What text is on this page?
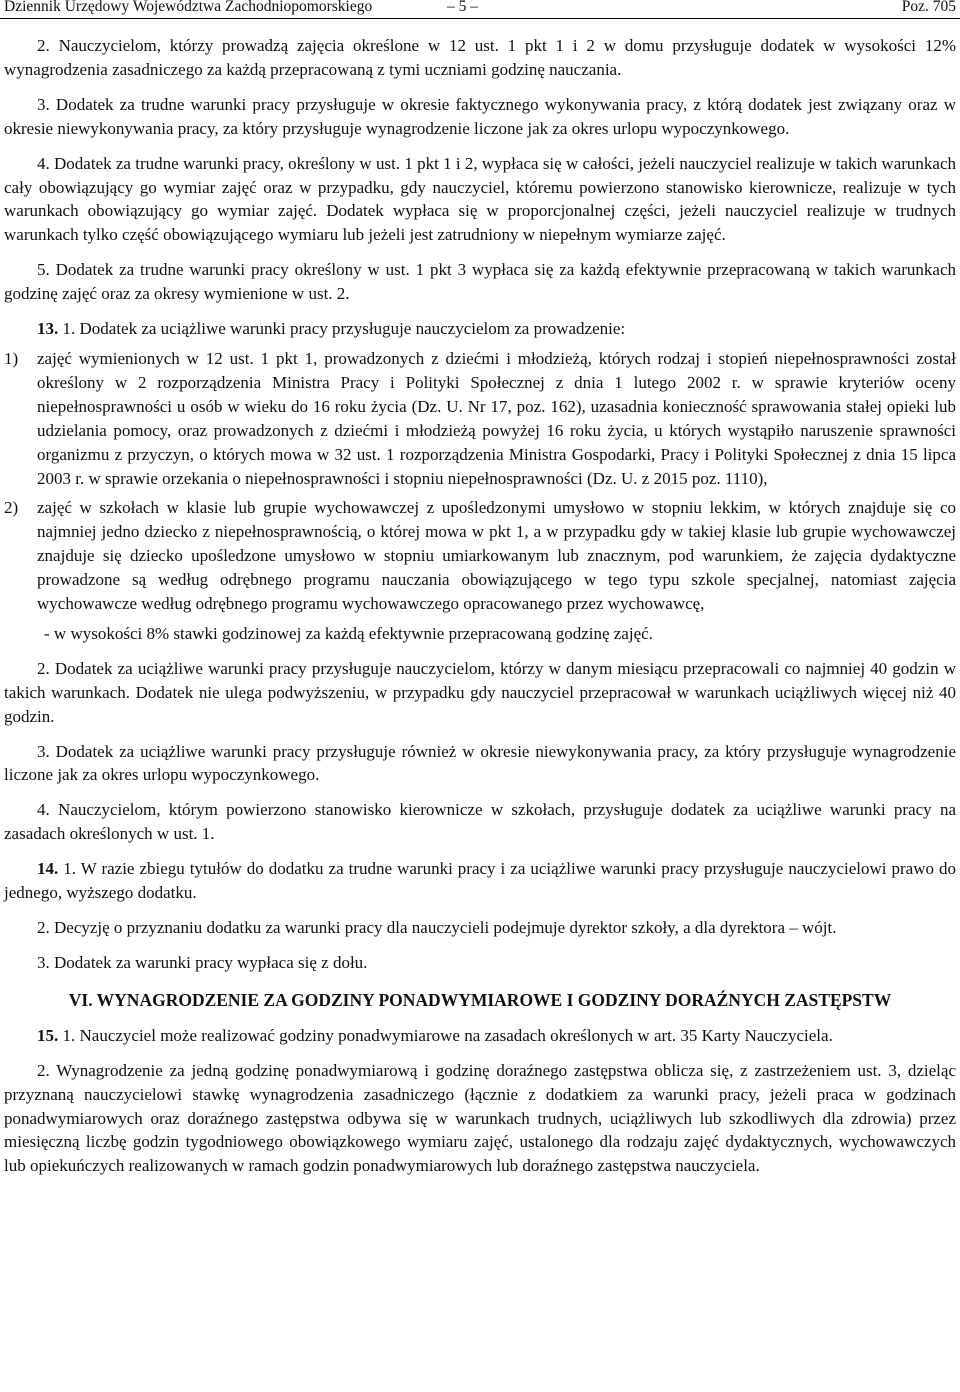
Dziennik Urzędowy Województwa Zachodniopomorskiego	– 5 –	Poz. 705

2. Nauczycielom, którzy prowadzą zajęcia określone w 12 ust. 1 pkt 1 i 2 w domu przysługuje dodatek w wysokości 12% wynagrodzenia zasadniczego za każdą przepracowaną z tymi uczniami godzinę nauczania.

3. Dodatek za trudne warunki pracy przysługuje w okresie faktycznego wykonywania pracy, z którą dodatek jest związany oraz w okresie niewykonywania pracy, za który przysługuje wynagrodzenie liczone jak za okres urlopu wypoczynkowego.

4. Dodatek za trudne warunki pracy, określony w ust. 1 pkt 1 i 2, wypłaca się w całości, jeżeli nauczyciel realizuje w takich warunkach cały obowiązujący go wymiar zajęć oraz w przypadku, gdy nauczyciel, któremu powierzono stanowisko kierownicze, realizuje w tych warunkach obowiązujący go wymiar zajęć. Dodatek wypłaca się w proporcjonalnej części, jeżeli nauczyciel realizuje w trudnych warunkach tylko część obowiązującego wymiaru lub jeżeli jest zatrudniony w niepełnym wymiarze zajęć.

5. Dodatek za trudne warunki pracy określony w ust. 1 pkt 3 wypłaca się za każdą efektywnie przepracowaną w takich warunkach godzinę zajęć oraz za okresy wymienione w ust. 2.

13. 1. Dodatek za uciążliwe warunki pracy przysługuje nauczycielom za prowadzenie:

1)	zajęć wymienionych w 12 ust. 1 pkt 1, prowadzonych z dziećmi i młodzieżą, których rodzaj i stopień niepełnosprawności został określony w 2 rozporządzenia Ministra Pracy i Polityki Społecznej z dnia 1 lutego 2002 r. w sprawie kryteriów oceny niepełnosprawności u osób w wieku do 16 roku życia (Dz. U. Nr 17, poz. 162), uzasadnia konieczność sprawowania stałej opieki lub udzielania pomocy, oraz prowadzonych z dziećmi i młodzieżą powyżej 16 roku życia, u których wystąpiło naruszenie sprawności organizmu z przyczyn, o których mowa w 32 ust. 1 rozporządzenia Ministra Gospodarki, Pracy i Polityki Społecznej z dnia 15 lipca 2003 r. w sprawie orzekania o niepełnosprawności i stopniu niepełnosprawności (Dz. U. z 2015 poz. 1110),
2)	zajęć w szkołach w klasie lub grupie wychowawczej z upośledzonymi umysłowo w stopniu lekkim, w których znajduje się co najmniej jedno dziecko z niepełnosprawnością, o której mowa w pkt 1, a w przypadku gdy w takiej klasie lub grupie wychowawczej znajduje się dziecko upośledzone umysłowo w stopniu umiarkowanym lub znacznym, pod warunkiem, że zajęcia dydaktyczne prowadzone są według odrębnego programu nauczania obowiązującego w tego typu szkole specjalnej, natomiast zajęcia wychowawcze według odrębnego programu wychowawczego opracowanego przez wychowawcę,
- w wysokości 8% stawki godzinowej za każdą efektywnie przepracowaną godzinę zajęć.

2. Dodatek za uciążliwe warunki pracy przysługuje nauczycielom, którzy w danym miesiącu przepracowali co najmniej 40 godzin w takich warunkach. Dodatek nie ulega podwyższeniu, w przypadku gdy nauczyciel przepracował w warunkach uciążliwych więcej niż 40 godzin.

3. Dodatek za uciążliwe warunki pracy przysługuje również w okresie niewykonywania pracy, za który przysługuje wynagrodzenie liczone jak za okres urlopu wypoczynkowego.

4. Nauczycielom, którym powierzono stanowisko kierownicze w szkołach, przysługuje dodatek za uciążliwe warunki pracy na zasadach określonych w ust. 1.

14. 1. W razie zbiegu tytułów do dodatku za trudne warunki pracy i za uciążliwe warunki pracy przysługuje nauczycielowi prawo do jednego, wyższego dodatku.

2. Decyzję o przyznaniu dodatku za warunki pracy dla nauczycieli podejmuje dyrektor szkoły, a dla dyrektora – wójt.

3. Dodatek za warunki pracy wypłaca się z dołu.

VI. WYNAGRODZENIE ZA GODZINY PONADWYMIAROWE I GODZINY DORAŹNYCH ZASTĘPSTW

15. 1. Nauczyciel może realizować godziny ponadwymiarowe na zasadach określonych w art. 35 Karty Nauczyciela.

2. Wynagrodzenie za jedną godzinę ponadwymiarową i godzinę doraźnego zastępstwa oblicza się, z zastrzeżeniem ust. 3, dzieląc przyznaną nauczycielowi stawkę wynagrodzenia zasadniczego (łącznie z dodatkiem za warunki pracy, jeżeli praca w godzinach ponadwymiarowych oraz doraźnego zastępstwa odbywa się w warunkach trudnych, uciążliwych lub szkodliwych dla zdrowia) przez miesięczną liczbę godzin tygodniowego obowiązkowego wymiaru zajęć, ustalonego dla rodzaju zajęć dydaktycznych, wychowawczych lub opiekuńczych realizowanych w ramach godzin ponadwymiarowych lub doraźnego zastępstwa nauczyciela.
